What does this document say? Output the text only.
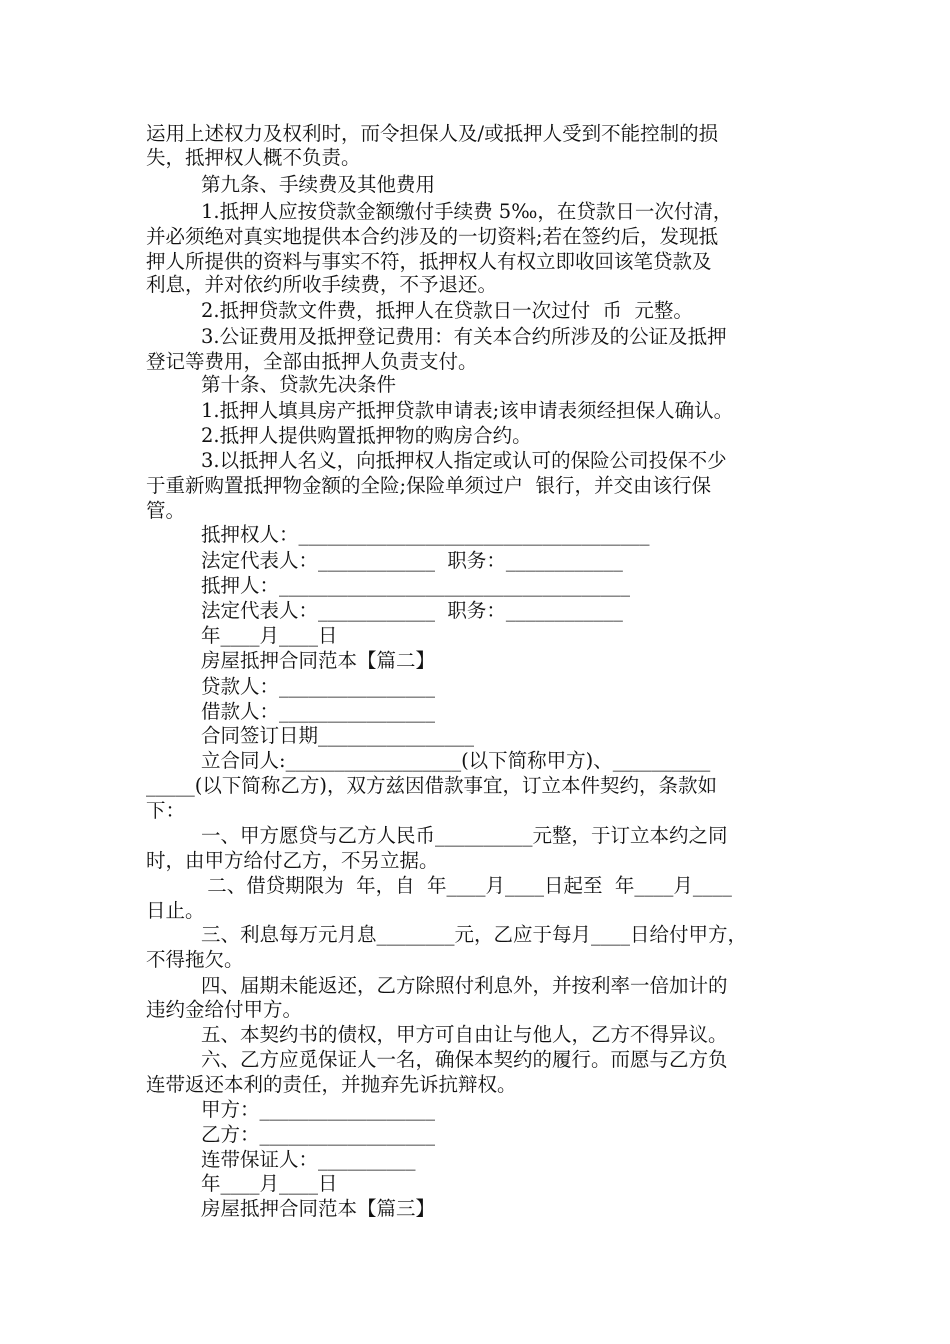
运用上述权力及权利时，而令担保人及/或抵押人受到不能控制的损
失，抵押权人概不负责。
第九条、手续费及其他费用
1.抵押人应按贷款金额缴付手续费 5‰，在贷款日一次付清，
并必须绝对真实地提供本合约涉及的一切资料;若在签约后，发现抵
押人所提供的资料与事实不符，抵押权人有权立即收回该笔贷款及
利息，并对依约所收手续费，不予退还。
2.抵押贷款文件费，抵押人在贷款日一次过付  币  元整。
3.公证费用及抵押登记费用：有关本合约所涉及的公证及抵押
登记等费用，全部由抵押人负责支付。
第十条、贷款先决条件
1.抵押人填具房产抵押贷款申请表;该申请表须经担保人确认。
2.抵押人提供购置抵押物的购房合约。
3.以抵押人名义，向抵押权人指定或认可的保险公司投保不少
于重新购置抵押物金额的全险;保险单须过户  银行，并交由该行保
管。
抵押权人：____________________________________
法定代表人：____________  职务：____________
抵押人：____________________________________
法定代表人：____________  职务：____________
年____月____日
房屋抵押合同范本【篇二】
贷款人：________________
借款人：________________
合同签订日期________________
立合同人:__________________(以下简称甲方)、__________
_____(以下简称乙方)，双方兹因借款事宜，订立本件契约，条款如
下：
一、甲方愿贷与乙方人民币__________元整，于订立本约之同
时，由甲方给付乙方，不另立据。
二、借贷期限为  年，自  年____月____日起至  年____月____
日止。
三、利息每万元月息________元，乙应于每月____日给付甲方，
不得拖欠。
四、届期未能返还，乙方除照付利息外，并按利率一倍加计的
违约金给付甲方。
五、本契约书的债权，甲方可自由让与他人，乙方不得异议。
六、乙方应觅保证人一名，确保本契约的履行。而愿与乙方负
连带返还本利的责任，并抛弃先诉抗辩权。
甲方：__________________
乙方：__________________
连带保证人：__________
年____月____日
房屋抵押合同范本【篇三】
